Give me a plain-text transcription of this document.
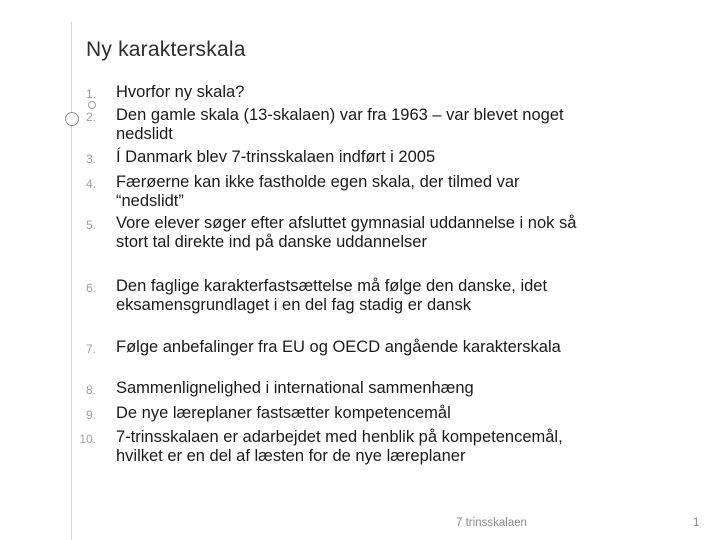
Ny karakterskala
1. Hvorfor ny skala?
2. Den gamle skala (13-skalaen) var fra 1963 – var blevet noget nedslidt
3. Í Danmark blev 7-trinsskalaen indført i 2005
4. Færøerne kan ikke fastholde egen skala, der tilmed var “nedslidt”
5. Vore elever søger efter afsluttet gymnasial uddannelse i nok så stort tal direkte ind på danske uddannelser
6. Den faglige karakterfastsættelse må følge den danske, idet eksamensgrundlaget i en del fag stadig er dansk
7. Følge anbefalinger fra EU og OECD angående karakterskala
8. Sammenlignelighed i international sammenhæng
9. De nye læreplaner fastsætter kompetencemål
10. 7-trinsskalaen er adarbejdet med henblik på kompetencemål, hvilket er en del af læsten for de nye læreplaner
7 trinsskalaen	1
